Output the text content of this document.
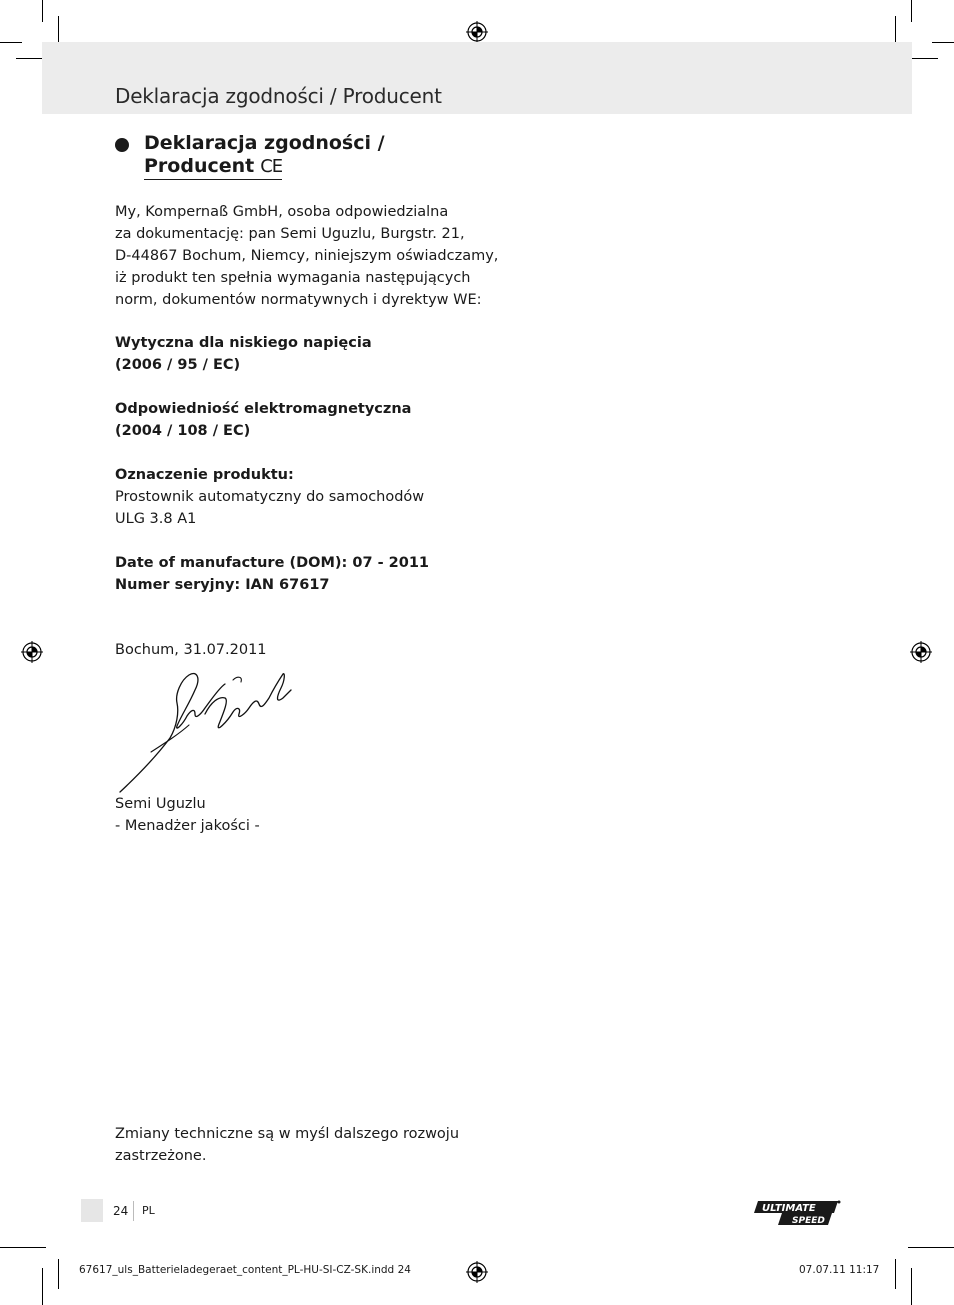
Deklaracja zgodności / Producent
Deklaracja zgodności /
Producent CE
My, Kompernaß GmbH, osoba odpowiedzialna
za dokumentację: pan Semi Uguzlu, Burgstr. 21,
D-44867 Bochum, Niemcy, niniejszym oświadczamy,
iż produkt ten spełnia wymagania następujących
norm, dokumentów normatywnych i dyrektyw WE:
Wytyczna dla niskiego napięcia
(2006 / 95 / EC)
Odpowiedniość elektromagnetyczna
(2004 / 108 / EC)
Oznaczenie produktu:
Prostownik automatyczny do samochodów
ULG 3.8 A1
Date of manufacture (DOM): 07 - 2011
Numer seryjny: IAN 67617
Bochum, 31.07.2011
Semi Uguzlu
- Menadżer jakości -
Zmiany techniczne są w myśl dalszego rozwoju
zastrzeżone.
24 PL	ULTIMATE
SPEED
67617_uls_Batterieladegeraet_content_PL-HU-SI-CZ-SK.indd 24	07.07.11 11:17
